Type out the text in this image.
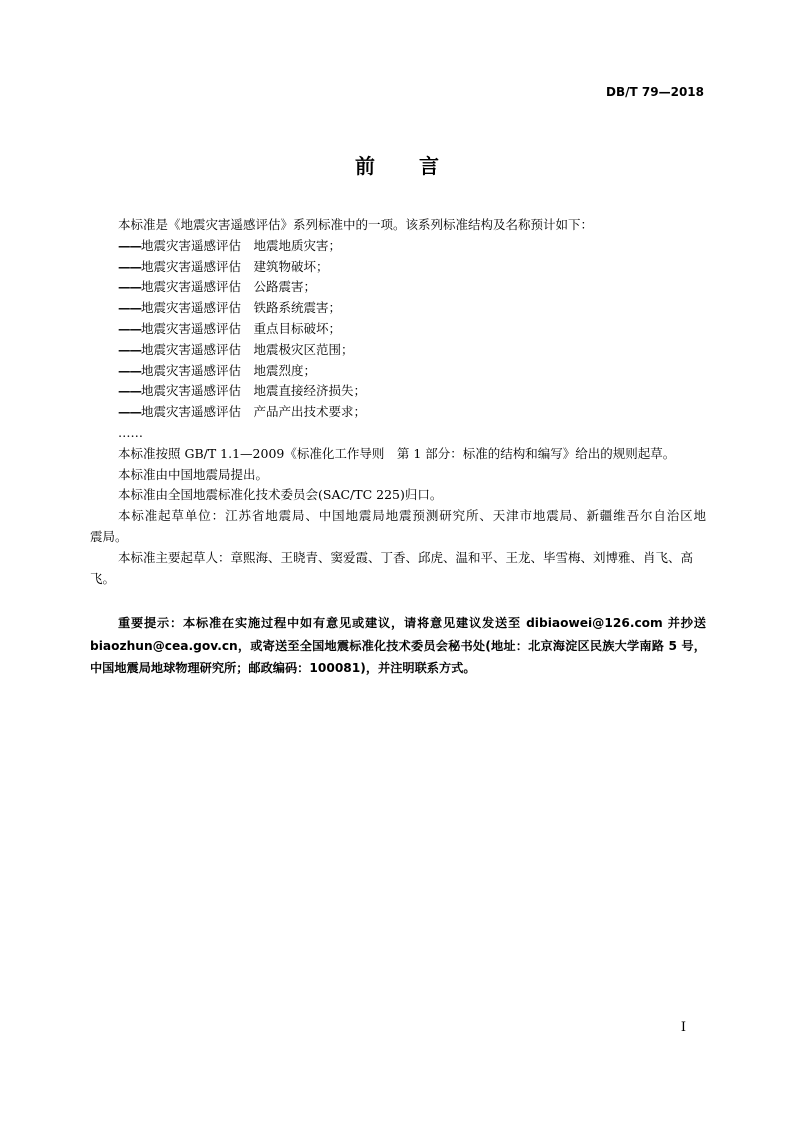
DB/T 79—2018
前言

本标准是《地震灾害遥感评估》系列标准中的一项。该系列标准结构及名称预计如下：

——地震灾害遥感评估　 地震地质灾害；

——地震灾害遥感评估　 建筑物破坏；

——地震灾害遥感评估　 公路震害；

——地震灾害遥感评估　 铁路系统震害；

——地震灾害遥感评估　 重点目标破坏；

——地震灾害遥感评估　 地震极灾区范围；

——地震灾害遥感评估　 地震烈度；

——地震灾害遥感评估　 地震直接经济损失；

——地震灾害遥感评估　 产品产出技术要求；

……

本标准按照 GB/T 1.1—2009《标准化工作导则　第 1 部分：标准的结构和编写》给出的规则起草。

本标准由中国地震局提出。

本标准由全国地震标准化技术委员会(SAC/TC 225)归口。

本标准起草单位：江苏省地震局、中国地震局地震预测研究所、天津市地震局、新疆维吾尔自治区地

震局。

本标准主要起草人：章熙海、王晓青、窦爱霞、丁香、邱虎、温和平、王龙、毕雪梅、刘博雅、肖飞、高飞。

重要提示：本标准在实施过程中如有意见或建议，请将意见建议发送至 dibiaowei@126.com 并抄送 biaozhun@cea.gov.cn，或寄送至全国地震标准化技术委员会秘书处(地址：北京海淀区民族大学南路 5 号，中国地震局地球物理研究所；邮政编码：100081)，并注明联系方式。

I
